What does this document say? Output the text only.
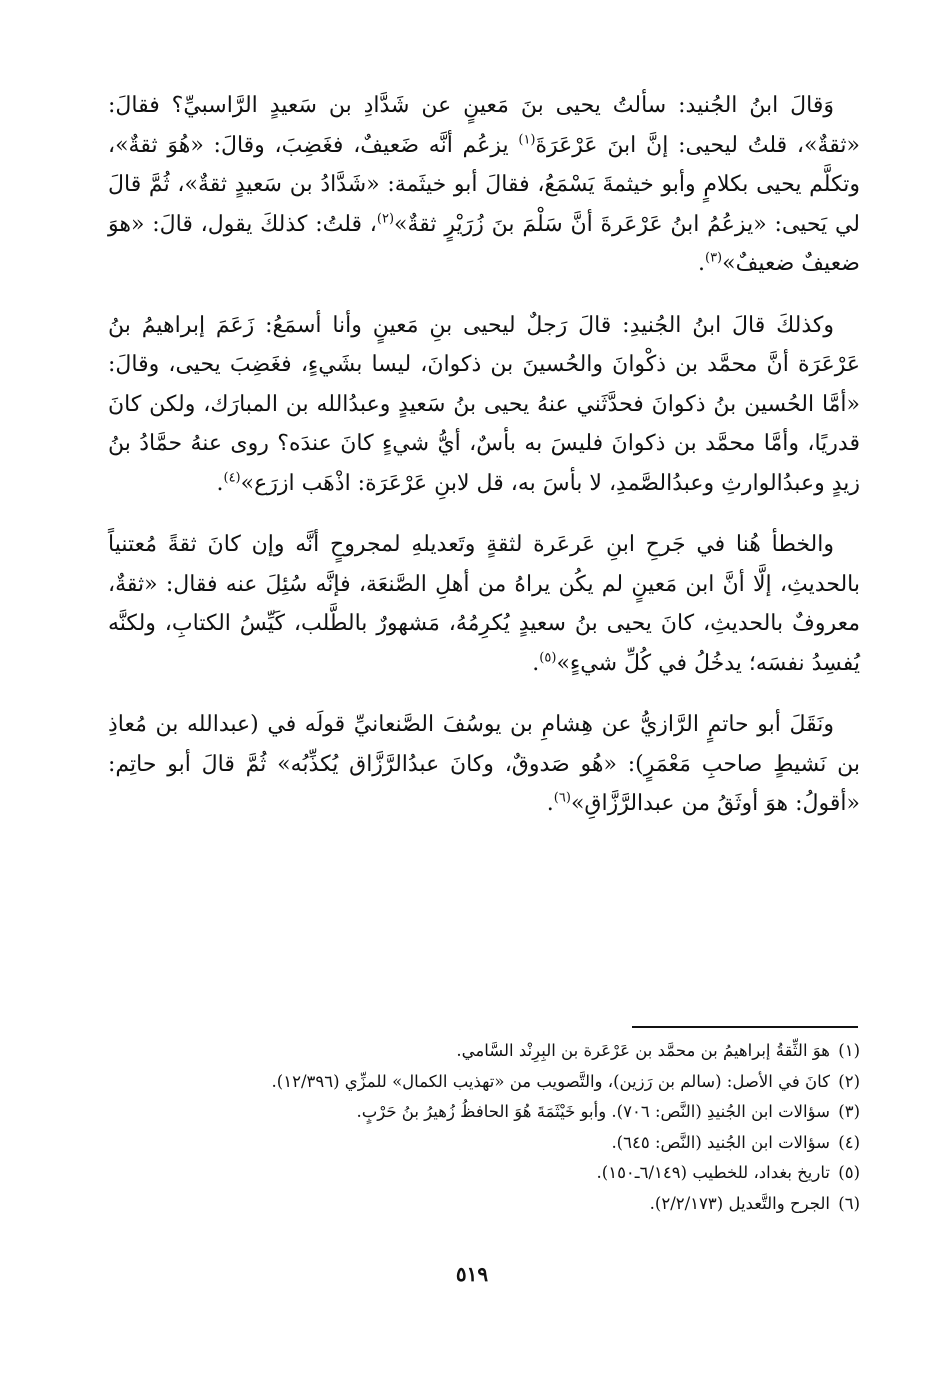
وَقالَ ابنُ الجُنيد: سألتُ يحيى بنَ مَعينٍ عن شَدَّادِ بن سَعيدٍ الرَّاسبيِّ؟ فقالَ: «ثقةٌ»، قلتُ ليحيى: إنَّ ابنَ عَرْعَرَةَ$^{(١)}$ يزعُم أنَّه ضَعيفٌ، فغَضِبَ، وقالَ: «هُوَ ثقةٌ»، وتكلَّم يحيى بكلامٍ وأبو خيثمةَ يَسْمَعُ، فقالَ أبو خيثَمة: «شَدَّادُ بن سَعيدٍ ثقةٌ»، ثُمَّ قالَ لي يَحيى: «يزعُمُ ابنُ عَرْعَرةَ أنَّ سَلْمَ بنَ زُرَيْرٍ ثقةٌ»$^{(٢)}$، قلتُ: كذلكَ يقول، قالَ: «هوَ ضعيفٌ ضعيفٌ»$^{(٣)}$.

وكذلكَ قالَ ابنُ الجُنيدِ: قالَ رَجلٌ ليحيى بنِ مَعينٍ وأنا أسمَعُ: زَعَمَ إبراهيمُ بنُ عَرْعَرَة أنَّ محمَّد بن ذكْوانَ والحُسينَ بن ذكوانَ، ليسا بشَيءٍ، فغَضِبَ يحيى، وقالَ: «أمَّا الحُسين بنُ ذكوانَ فحدَّثَني عنهُ يحيى بنُ سَعيدٍ وعبدُالله بن المبارَك، ولكن كانَ قدريًا، وأمَّا محمَّد بن ذكوانَ فليسَ به بأسٌ، أيُّ شيءٍ كانَ عندَه؟ روى عنهُ حمَّادُ بنُ زيدٍ وعبدُالوارثِ وعبدُالصَّمدِ، لا بأسَ به، قل لابنِ عَرْعَرَة: اذْهَب ازرَع»$^{(٤)}$.

والخطأ هُنا في جَرحِ ابنِ عَرعَرة لثقةٍ وتَعديلهِ لمجروحٍ أنَّه وإن كانَ ثقةً مُعتنياً بالحديثِ، إلَّا أنَّ ابن مَعينٍ لم يكُن يراهُ من أهلِ الصَّنعَة، فإنَّه سُئِلَ عنه فقال: «ثقةٌ، معروفٌ بالحديثِ، كانَ يحيى بنُ سعيدٍ يُكرِمُهُ، مَشهورٌ بالطَّلب، كَيِّسُ الكتابِ، ولكنَّه يُفسِدُ نفسَه؛ يدخُلُ في كُلِّ شيءٍ»$^{(٥)}$.

ونَقَلَ أبو حاتمٍ الرَّازيُّ عن هِشامِ بن يوسُفَ الصَّنعانيِّ قولَه في (عبدالله بن مُعاذِ بن نَشيطٍ صاحبِ مَعْمَرٍ): «هُو صَدوقٌ، وكانَ عبدُالرَّزَّاق يُكذِّبُه» ثُمَّ قالَ أبو حاتِم: «أقولُ: هوَ أوثَقُ من عبدالرَّزَّاقِ»$^{(٦)}$.

(١)هوَ الثِّقةُ إبراهيمُ بن محمَّد بن عَرْعَرة بن البِرِنْد السَّامي.
(٢)كانَ في الأصل: (سالم بن رَزين)، والتَّصويب من «تهذيب الكمال» للمزِّي (١٢/٣٩٦).
(٣)سؤالات ابن الجُنيدِ (النَّص: ٧٠٦). وأبو خَيْثَمَةَ هُوَ الحافظُ زُهيرُ بنُ حَرْبٍ.
(٤)سؤالات ابن الجُنيد (النَّص: ٦٤٥).
(٥)تاريخ بغداد، للخطيب (٦/١٤٩ـ١٥٠).
(٦)الجرح والتَّعديل (٢/٢/١٧٣).
٥١٩
